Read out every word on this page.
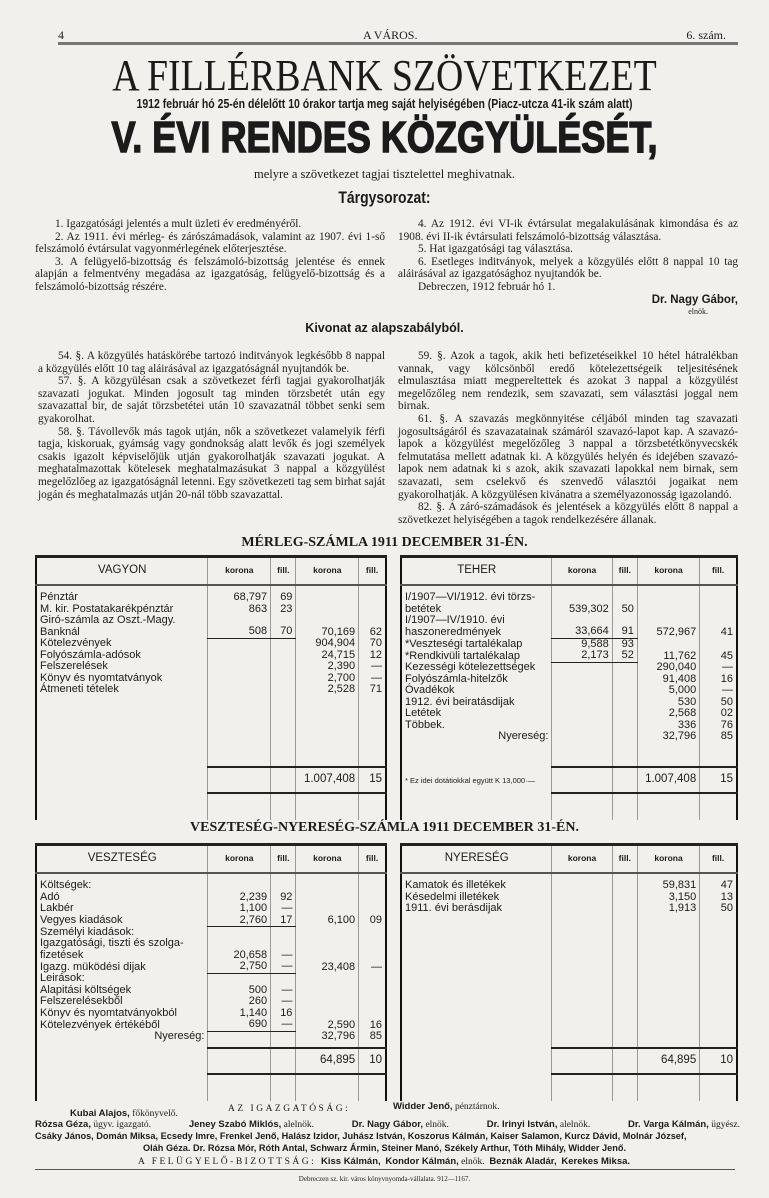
4	A VÁROS.	6. szám.
A FILLÉRBANK SZÖVETKEZET
1912 február hó 25-én délelőtt 10 órakor tartja meg saját helyiségében (Piacz-utcza 41-ik szám alatt)
V. ÉVI RENDES KÖZGYÜLÉSÉT,
melyre a szövetkezet tagjai tisztelettel meghivatnak.
Tárgysorozat:

1. Igazgatósági jelentés a mult üzleti év eredményéről.

2. Az 1911. évi mérleg- és zárószámadások, valamint az 1907. évi 1-ső felszámoló évtársulat vagyonmérlegének előterjesztése.

3. A felügyelő-bizottság és felszámoló-bizottság jelentése és ennek alapján a felmentvény megadása az igazgatóság, felügyelő-bizottság és a felszámoló-bizottság részére.

4. Az 1912. évi VI-ik évtársulat megalakulásának kimondása és az 1908. évi II-ik évtársulati felszámoló-bizottság választása.

5. Hat igazgatósági tag választása.

6. Esetleges inditványok, melyek a közgyülés előtt 8 nappal 10 tag aláirásával az igazgatósághoz nyujtandók be.

Debreczen, 1912 február hó 1.

Dr. Nagy Gábor,
elnök.
Kivonat az alapszabályból.

54. §. A közgyülés hatáskörébe tartozó inditványok legkésőbb 8 nappal a közgyülés előtt 10 tag aláirásával az igazgatóságnál nyujtandók be.

57. §. A közgyülésan csak a szövetkezet férfi tagjai gyakorolhatják szavazati jogukat. Minden jogosult tag minden törzsbetét után egy szavazattal bir, de saját törzsbetétei után 10 szavazatnál többet senki sem gyakorolhat.

58. §. Távollevők más tagok utján, nők a szövetkezet valamelyik férfi tagja, kiskoruak, gyámság vagy gondnokság alatt levők és jogi személyek csakis igazolt képviselőjük utján gyakorolhatják szavazati jogukat. A meghatalmazottak kötelesek meghatalmazásukat 3 nappal a közgyülést megelőzlőeg az igazgatóságnál letenni. Egy szövetkezeti tag sem birhat saját jogán és meghatalmazás utján 20-nál több szavazattal.

59. §. Azok a tagok, akik heti befizetéseikkel 10 hétel hátralékban vannak, vagy kölcsönből eredő kötelezettségeik teljesitésének elmulasztása miatt megpereltettek és azokat 3 nappal a közgyülést megelőzőleg nem rendezik, sem szavazati, sem választási joggal nem birnak.

61. §. A szavazás megkönnyitése céljából minden tag szavazati jogosultságáról és szavazatainak számáról szavazó-lapot kap. A szavazó-lapok a közgyülést megelőzőleg 3 nappal a törzsbetétkönyvecskék felmutatása mellett adatnak ki. A közgyülés helyén és idejében szavazó-lapok nem adatnak ki s azok, akik szavazati lapokkal nem birnak, sem szavazati, sem cselekvő és szenvedő választói jogaikat nem gyakorolhatják. A közgyülésen kivánatra a személyazonosság igazolandó.

82. §. A záró-számadások és jelentések a közgyülés előtt 8 nappal a szövetkezet helyiségében a tagok rendelkezésére állanak.

MÉRLEG-SZÁMLA 1911 DECEMBER 31-ÉN.
VAGYON	korona	fill.	korona	fill.
Pénztár	68,797	69		
M. kir. Postatakarékpénztár	863	23		
Giró-számla az Oszt.-Magy. Banknál	508	70	70,169	62
Kötelezvények			904,904	70
Folyószámla-adósok			24,715	12
Felszerelések			2,390	—
Könyv és nyomtatványok			2,700	—
Átmeneti tételek			2,528	71

			1.007,408	15

TEHER	korona	fill.	korona	fill.
I/1907—VI/1912. évi törzs-betétek	539,302	50		
I/1907—IV/1910. évi haszoneredmények	33,664	91	572,967	41
*Veszteségi tartalékalap	9,588	93		
*Rendkivüli tartalékalap	2,173	52	11,762	45
Kezességi kötelezettségek			290,040	—
Folyószámla-hitelzők			91,408	16
Óvadékok			5,000	—
1912. évi beiratásdijak			530	50
Letétek			2,568	02
Többek.			336	76
Nyereség:			32,796	85

* Ez idei dotátiokkal együtt K 13,000·—			1.007,408	15

VESZTESÉG-NYERESÉG-SZÁMLA 1911 DECEMBER 31-ÉN.
VESZTESÉG	korona	fill.	korona	fill.
Költségek:				
Adó	2,239	92		
Lakbér	1,100	—		
Vegyes kiadások	2,760	17	6,100	09
Személyi kiadások:				
Igazgatósági, tiszti és szolga-fizetések	20,658	—		
Igazg. müködési dijak	2,750	—	23,408	—
Leirások:				
Alapitási költségek	500	—		
Felszerelésekből	260	—		
Könyv és nyomtatványokból	1,140	16		
Kötelezvények értékéből	690	—	2,590	16
Nyereség:			32,796	85

			64,895	10

NYERESÉG	korona	fill.	korona	fill.
Kamatok és illetékek			59,831	47
Késedelmi illetékek			3,150	13
1911. évi berásdijak			1,913	50

			64,895	10

Kubai Alajos, főkönyvelő.	AZ IGAZGATÓSÁG:	Widder Jenő, pénztárnok.
Rózsa Géza, ügyv. igazgató.	Jeney Szabó Miklós, alelnök.	Dr. Nagy Gábor, elnök.	Dr. Irinyi István, alelnök.	Dr. Varga Kálmán, ügyész.
Csáky János, Domán Miksa, Ecsedy Imre, Frenkel Jenő, Halász Izidor, Juhász István, Koszorus Kálmán, Kaiser Salamon, Kurcz Dávid, Molnár József,
Oláh Géza. Dr. Rózsa Mór, Róth Antal, Schwarz Ármin, Steiner Manó, Székely Arthur, Tóth Mihály, Widder Jenő.
A FELÜGYELŐ-BIZOTTSÁG: Kiss Kálmán, Kondor Kálmán, elnök. Beznák Aladár, Kerekes Miksa.
Debreczen sz. kir. város könyvnyomda-vállalata. 912—1167.
